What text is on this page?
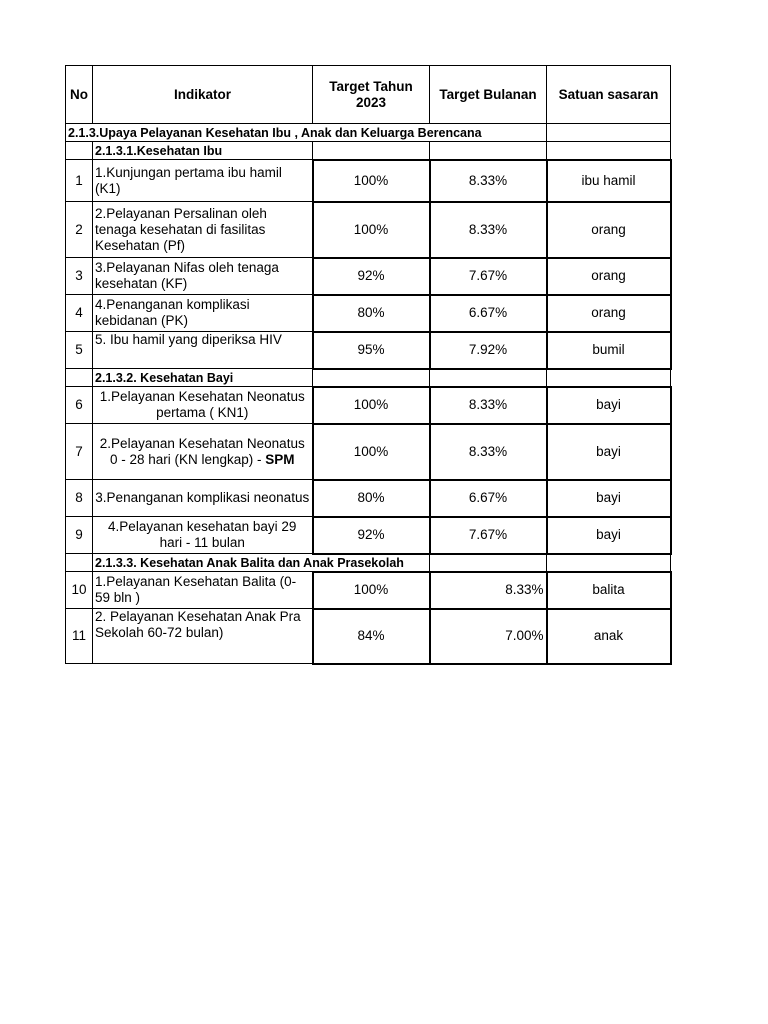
No	Indikator	Target Tahun 2023	Target Bulanan	Satuan sasaran
2.1.3.Upaya Pelayanan Kesehatan Ibu , Anak dan Keluarga Berencana				
	2.1.3.1.Kesehatan Ibu			
1	1.Kunjungan pertama ibu hamil (K1)	100%	8.33%	ibu hamil
2	2.Pelayanan Persalinan oleh tenaga kesehatan di fasilitas Kesehatan (Pf)	100%	8.33%	orang
3	3.Pelayanan Nifas oleh tenaga kesehatan (KF)	92%	7.67%	orang
4	4.Penanganan komplikasi kebidanan (PK)	80%	6.67%	orang
5	5. Ibu hamil yang diperiksa HIV	95%	7.92%	bumil
	2.1.3.2. Kesehatan Bayi			
6	1.Pelayanan Kesehatan Neonatus pertama ( KN1)	100%	8.33%	bayi
7	2.Pelayanan Kesehatan Neonatus 0 - 28 hari (KN lengkap) - SPM	100%	8.33%	bayi
8	3.Penanganan komplikasi neonatus	80%	6.67%	bayi
9	4.Pelayanan kesehatan bayi 29 hari - 11 bulan	92%	7.67%	bayi
	2.1.3.3. Kesehatan Anak Balita dan Anak Prasekolah			
10	1.Pelayanan Kesehatan Balita (0-59 bln )	100%	8.33%	balita
11	2. Pelayanan Kesehatan Anak Pra Sekolah 60-72 bulan)	84%	7.00%	anak
